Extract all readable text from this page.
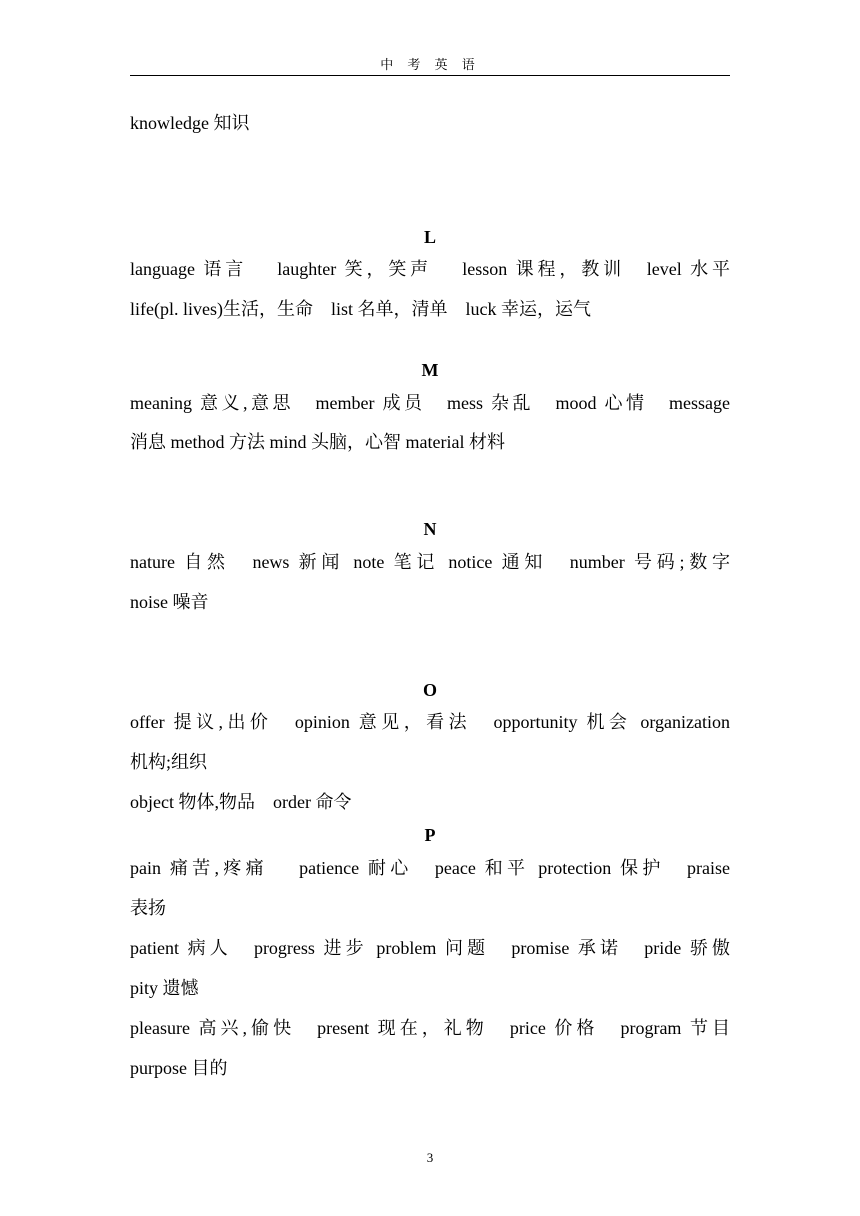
中 考 英 语
knowledge 知识
L
language 语言　 laughter 笑，笑声　 lesson 课程，教训　level 水平
life(pl. lives)生活，生命　list 名单，清单　luck 幸运，运气
M
meaning 意义,意思　member 成员　mess 杂乱　mood 心情　message
消息 method 方法 mind 头脑，心智 material 材料
N
nature 自然　news 新闻 note 笔记 notice 通知　number 号码;数字
noise 噪音
O
offer 提议,出价　opinion 意见，看法　opportunity 机会 organization
机构;组织
object 物体,物品　order 命令
P
pain 痛苦,疼痛　 patience 耐心　peace 和平 protection 保护　praise
表扬
patient 病人　progress 进步 problem 问题　promise 承诺　pride 骄傲
pity 遗憾
pleasure 高兴,偷快　present 现在，礼物　price 价格　program 节目
purpose 目的
3
